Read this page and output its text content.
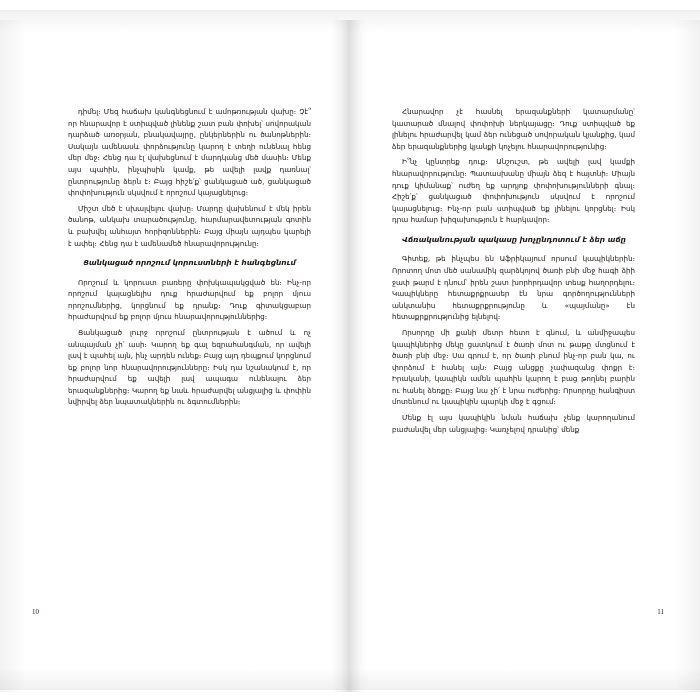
դիմել։ Մեզ հաճախ կանգնեցնում է ամոթռության վախը։ Չէ՞ որ հնարավոր է ստիպված լինենք շատ բան փոխել՝ սովորական դարձած առօրյան, բնակավայրը, ընկերներին ու ծանոթներին։ Սակայն ամենասև փորձությունը կարող է տեղի ունենալ հենց մեր մեջ։ Հենց դա էլ վախեցնում է մարդկանց մեծ մասին։ Մենք այս պահին, ինչպիսին կամք, թե ավելի լավք դառնալ՝ ընտրությունը ձերն է։ Բայց հիշե՛ք՝ ցանկացած ած, ցանկացած փոփոխություն սկսվում է որոշում կայացնելուց։

Միշտ մեծ է սխալվելու վախը։ Մարդը վախենում է մեկ իրեն ծանոթ, անկախ տարածությունը, հարմարավետության գոտին և բախվել անհայտ հորիզոններին։ Բայց միայն այդպես կարելի է ափել։ Հենց դա է ամենամեծ հնարավորությունը։

Ցանկացած որոշում կորուստների է հանգեցնում

Որոշում և կորուստ բառերը փոխկապակցված են։ Ինչ-որ որոշում կայացնելիս դուք հրաժարվում եք բոլոր մյուս որոշումներից, կորցնում եք դրանք։ Դուք գիտակցաբար հրաժարվում եք բոլոր մյուս հնարավորություններից։

Ցանկացած լուրջ որոշում ընտրության է ածում և ոչ անպայման չի՛ ասի։ Կարող եք գալ եզրահանգման, որ ավելի լավ է պահել այն, ինչ արդեն ունեք։ Բայց այդ դեպքում կորցնում եք բոլոր նոր հնարավորությունները։ Իսկ դա նշանակում է, որ հրաժարվում եք ավելի լավ ապագա ունենալու ձեր երազանքներից։ Կարող եք նաև հրաժարվել անցյալից և փոփին նվիրվել ձեր նպատակներին ու ձգտումներին։

Հնարավոր չէ հասնել երազանքների կատարմանը՝ կատարած մնալով փոփոխի ներկայացը։ Դուք ստիպված եք լինելու հրաժարվել կամ ձեր ունեցած սովորական կյանքից, կամ ձեր երազանքներից կյանքի կոչելու հնարավորությունից։

Ի՞նչ կընտրեք դուք։ Անշուշտ, թե ավելի լավ կամքի հնարավորությունը։ Պատասխանը միայն ձեզ է հայտնի։ Միայն դուք կիմանաք՝ ուժեղ եք արդյոք փոփոխությունների գնալ։ Հիշե՛ք՝ ցանկացած փոփոխություն սկսվում է որոշում կայացնելուց։ Ինչ-որ բան ստիպված եք լինելու կորցնել։ Իսկ դրա համար խիզախություն է հարկավոր։

Վճռականության պակասը խոչընդոտում է ձեր աճը

Գիտեք, թե ինչպես են Աֆրիկայում որսում կապիկներին։ Որոտող մոտ մեծ սանամիկ զարձկոյով ծառի բնի մեջ հագի ձիի ջափ թարմ է դնում՝ իրեն շատ խորհրդավոր տեսք հաղորդելու։ Կապիկները հետաքրքրասեր էն նրա գործողությունների անկտանիս հետաքրքրությունը և «պայմանը» էն հետաքրքրությունից ելնելով։

Որսորդը մի քանի մետր հետո է գնում, և անմիջապես կապիկներից մեկը ցատկում է ծառի մոտ ու թաթը մտցնում է ծառի բնի մեջ։ Սա գրում է, որ ծառի բնում ինչ-որ բան կա, ու փորձում է հանել այն։ Բայց անցքը չափազանց փոքր է։ Իրականի, կապիկն ամեն պահին կարող է բաց թողնել բարին ու հանել ձեռքը։ Բայց նա չի՛ է նրա ուժերից։ Որսորդը հանգիստ մոտենում ու կապիկին պարկի մեջ է գցում։

Մենք էլ այս կապիկին նման հաճախ չենք կարողանում բաժանվել մեր անցյալից։ Կառչելով դրանից՝ մենք

10	11
